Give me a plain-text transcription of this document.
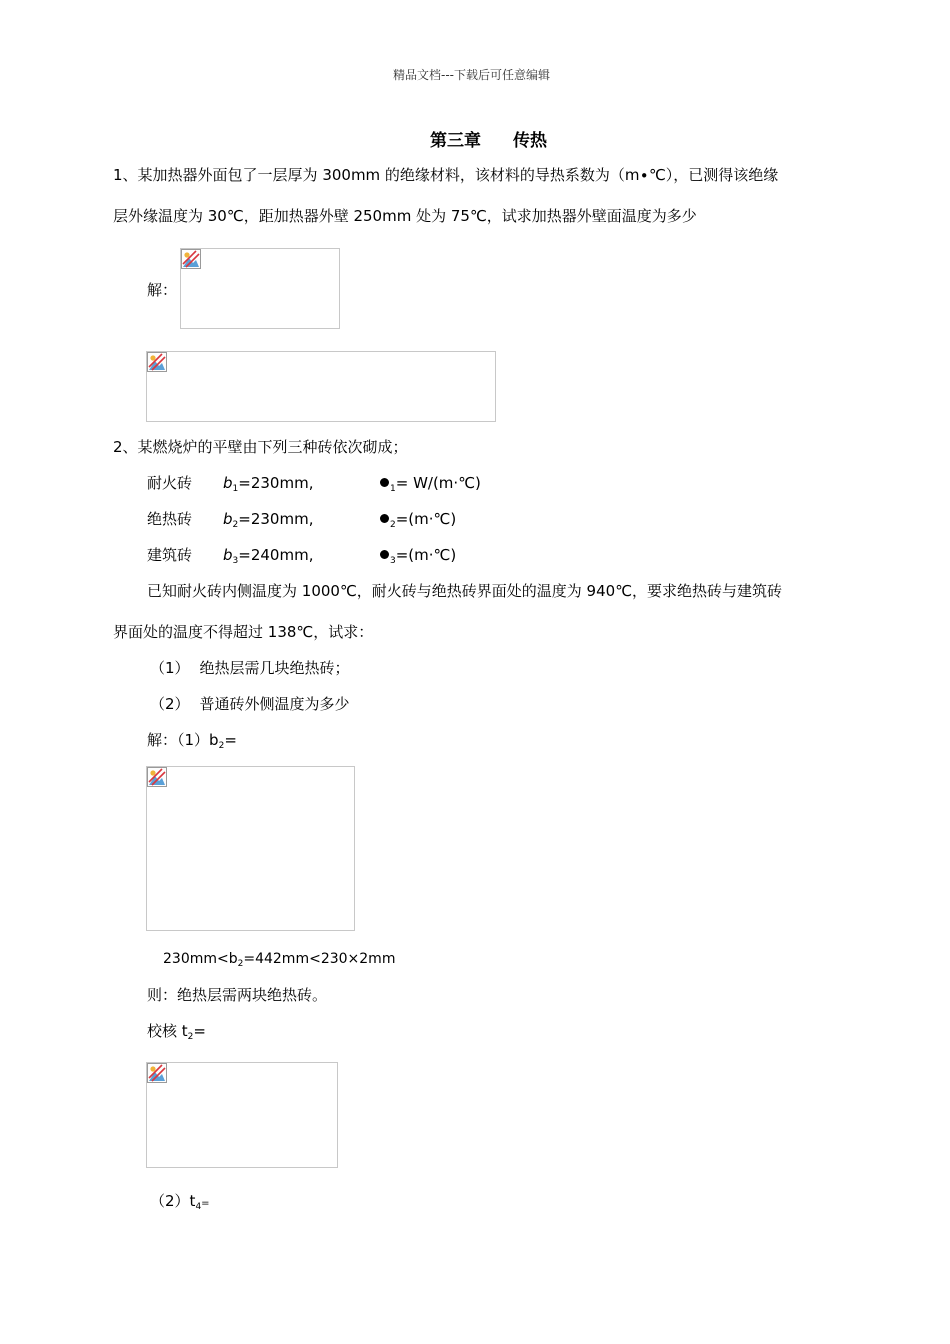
精品文档---下载后可任意编辑
第三章 传热
1、某加热器外面包了一层厚为 300mm 的绝缘材料，该材料的导热系数为（m∙℃），已测得该绝缘
层外缘温度为 30℃，距加热器外壁 250mm 处为 75℃，试求加热器外壁面温度为多少
解：
2、某燃烧炉的平壁由下列三种砖依次砌成；
耐火砖 $b_1=230mm$,	$_1$= W/(m·℃)
绝热砖 $b_2=230mm$,	$_2$=(m·℃)
建筑砖 $b_3=240mm$,	$_3$=(m·℃)
已知耐火砖内侧温度为 1000℃，耐火砖与绝热砖界面处的温度为 940℃，要求绝热砖与建筑砖
界面处的温度不得超过 138℃，试求：
（1） 绝热层需几块绝热砖；
（2） 普通砖外侧温度为多少
解：$(1)b_2=$
$230mm<b_2=442mm<230\times 2mm$
则：绝热层需两块绝热砖。
校核 $t_2=$
$(2)t_4=$
